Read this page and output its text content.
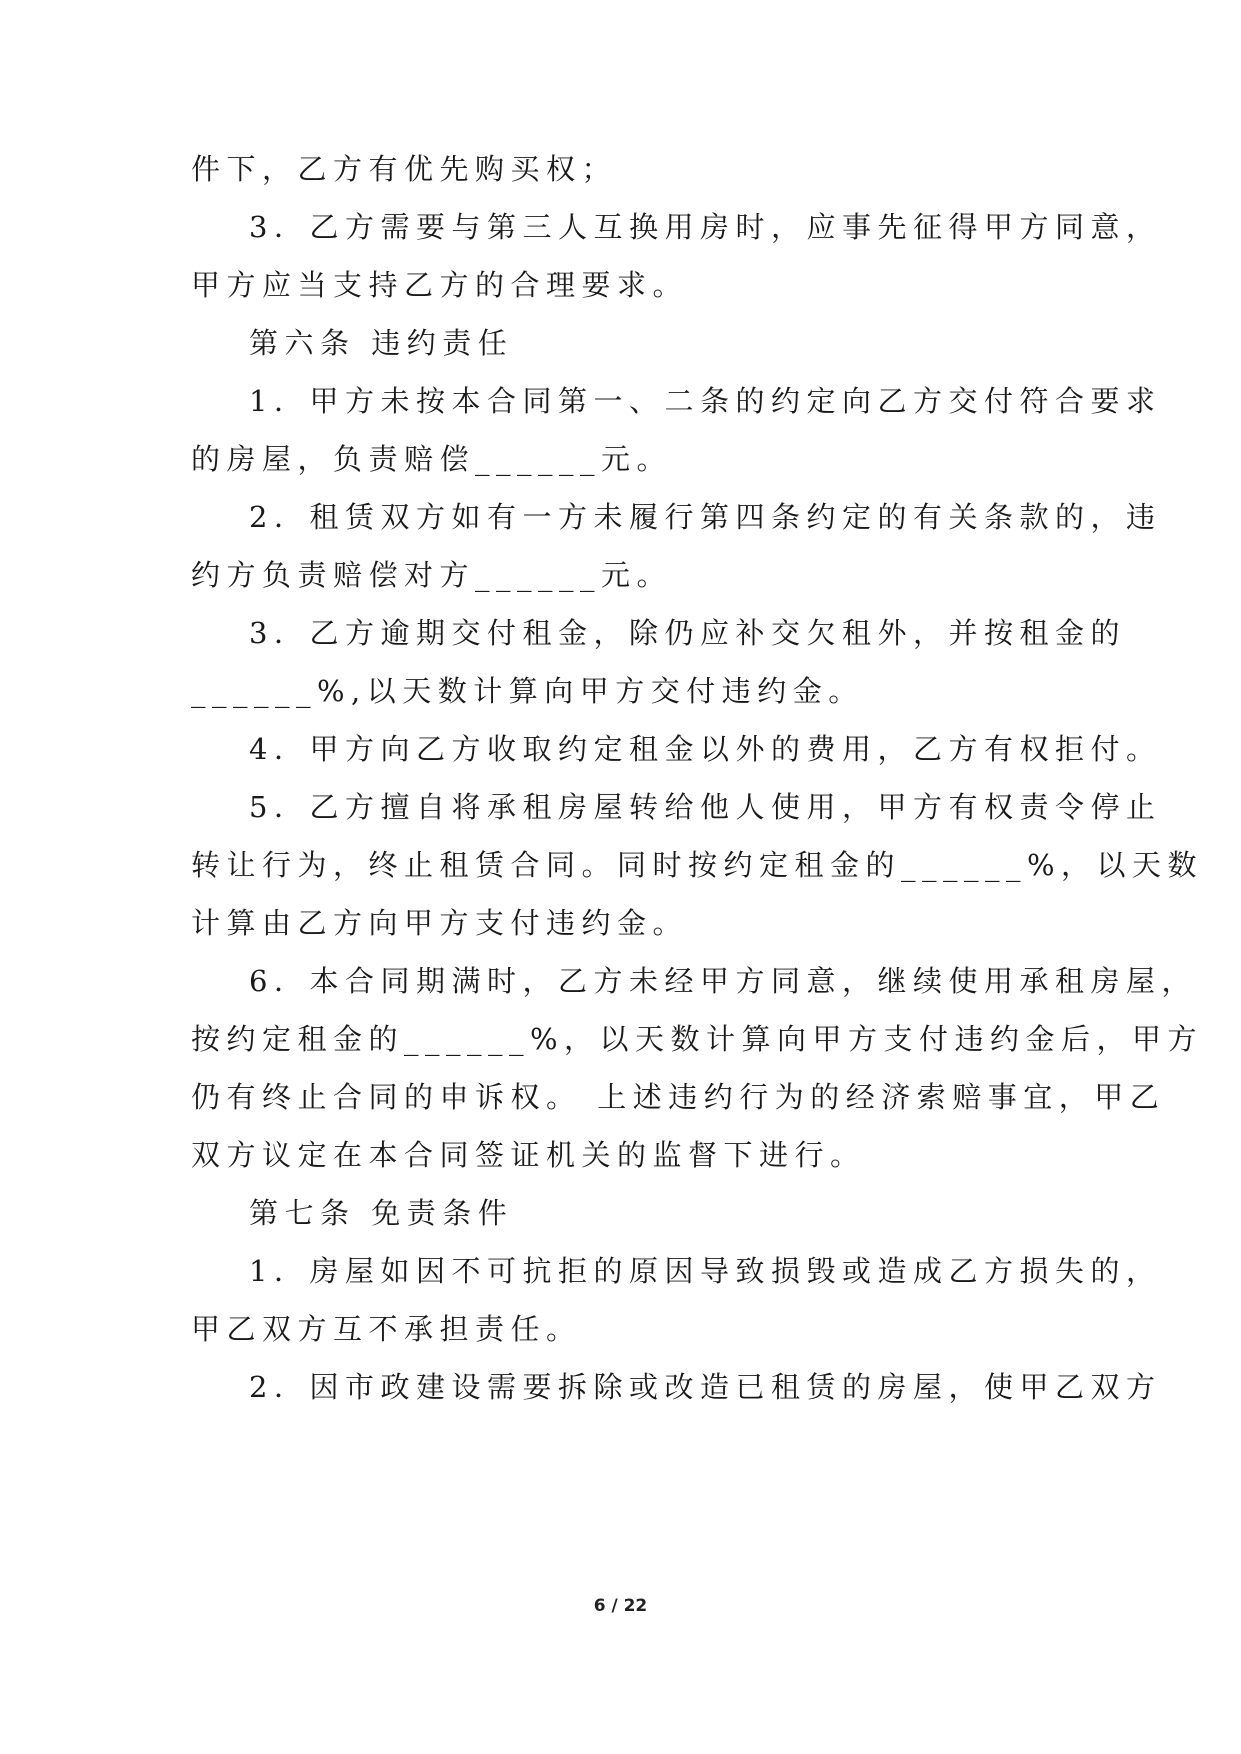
件下，乙方有优先购买权；
3．乙方需要与第三人互换用房时，应事先征得甲方同意，
甲方应当支持乙方的合理要求。
第六条 违约责任
1．甲方未按本合同第一、二条的约定向乙方交付符合要求
的房屋，负责赔偿______元。
2．租赁双方如有一方未履行第四条约定的有关条款的，违
约方负责赔偿对方______元。
3．乙方逾期交付租金，除仍应补交欠租外，并按租金的
______%,以天数计算向甲方交付违约金。
4．甲方向乙方收取约定租金以外的费用，乙方有权拒付。
5．乙方擅自将承租房屋转给他人使用，甲方有权责令停止
转让行为，终止租赁合同。同时按约定租金的______%，以天数
计算由乙方向甲方支付违约金。
6．本合同期满时，乙方未经甲方同意，继续使用承租房屋，
按约定租金的______%，以天数计算向甲方支付违约金后，甲方
仍有终止合同的申诉权。 上述违约行为的经济索赔事宜，甲乙
双方议定在本合同签证机关的监督下进行。
第七条 免责条件
1．房屋如因不可抗拒的原因导致损毁或造成乙方损失的，
甲乙双方互不承担责任。
2．因市政建设需要拆除或改造已租赁的房屋，使甲乙双方
6 / 22
